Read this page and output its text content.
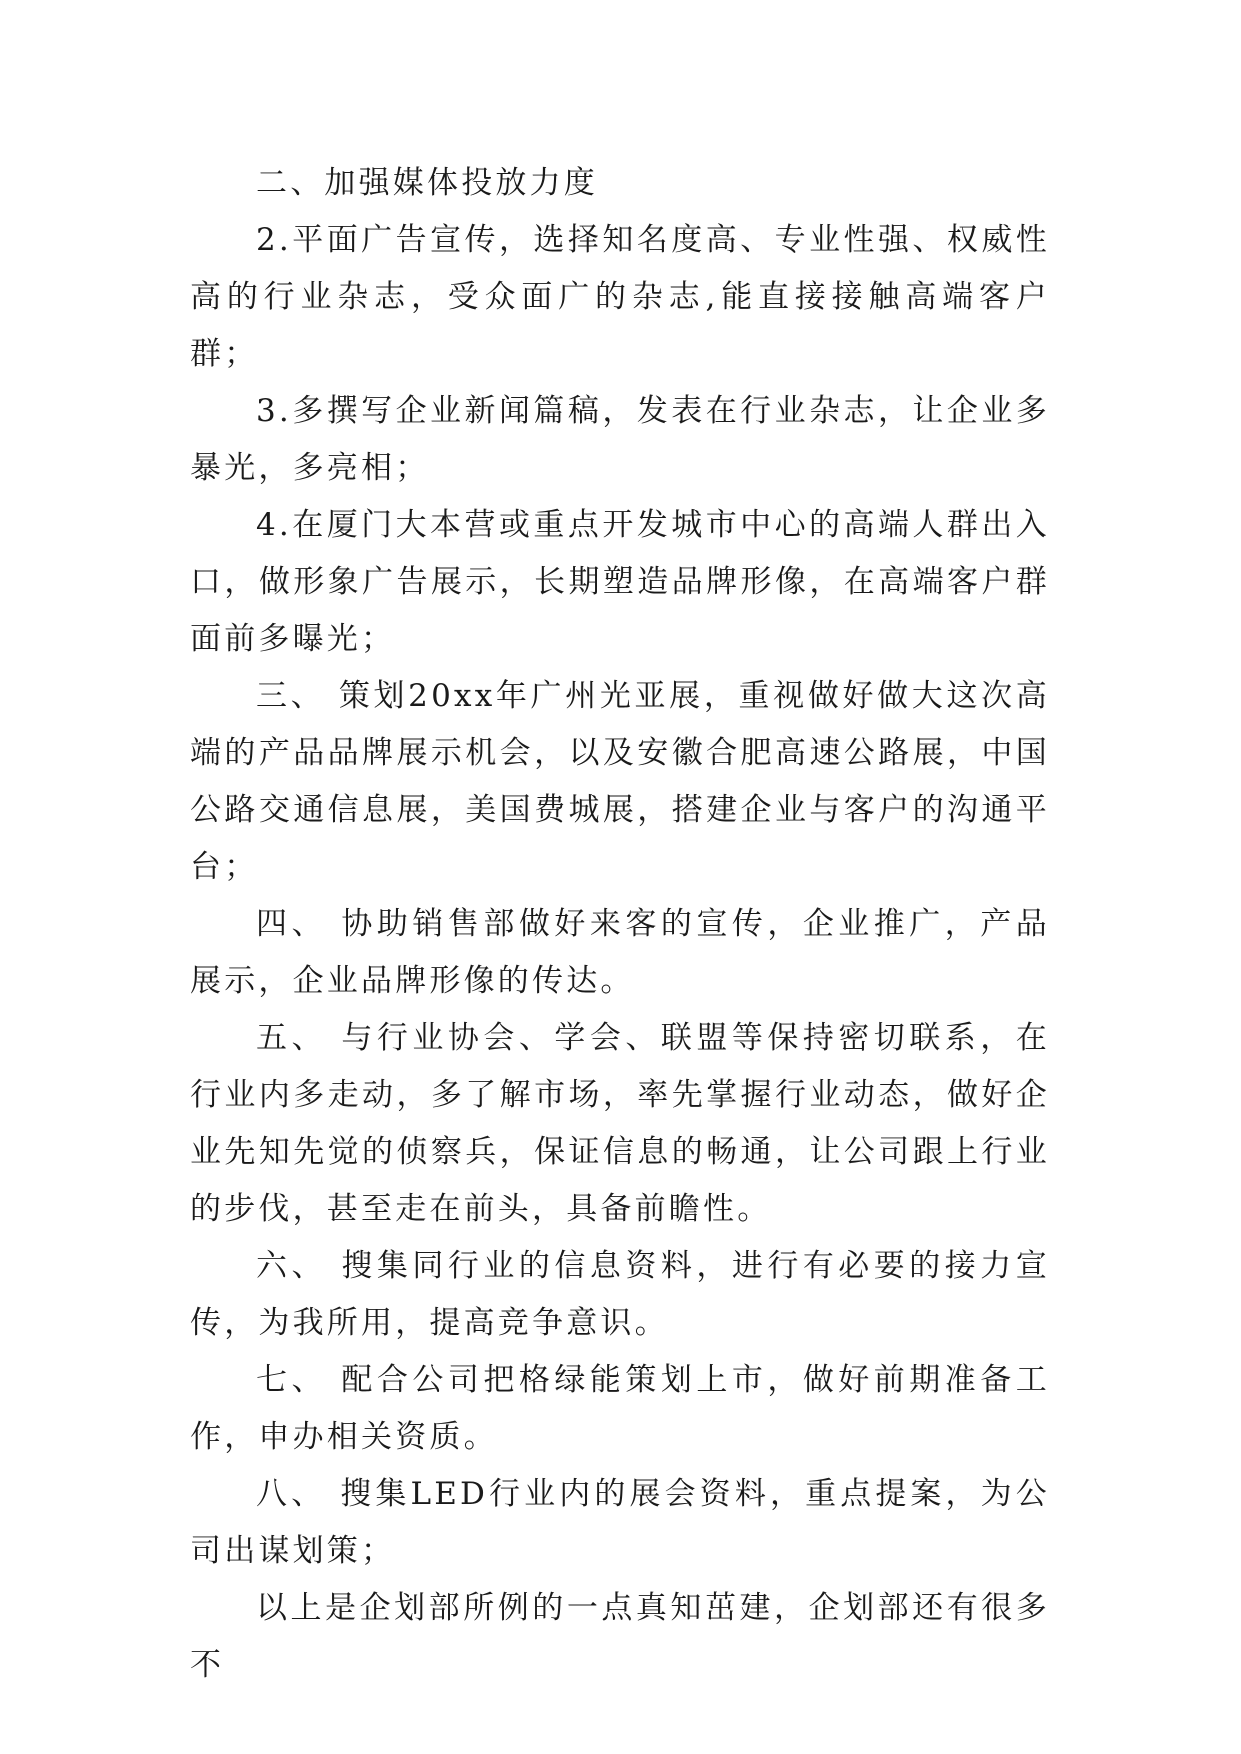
二、加强媒体投放力度

2.平面广告宣传，选择知名度高、专业性强、权威性高的行业杂志，受众面广的杂志,能直接接触高端客户群；

3.多撰写企业新闻篇稿，发表在行业杂志，让企业多暴光，多亮相；

4.在厦门大本营或重点开发城市中心的高端人群出入口，做形象广告展示，长期塑造品牌形像，在高端客户群面前多曝光；

三、 策划20xx年广州光亚展，重视做好做大这次高端的产品品牌展示机会，以及安徽合肥高速公路展，中国公路交通信息展，美国费城展，搭建企业与客户的沟通平台；

四、 协助销售部做好来客的宣传，企业推广，产品展示，企业品牌形像的传达。

五、 与行业协会、学会、联盟等保持密切联系，在行业内多走动，多了解市场，率先掌握行业动态，做好企业先知先觉的侦察兵，保证信息的畅通，让公司跟上行业的步伐，甚至走在前头，具备前瞻性。

六、 搜集同行业的信息资料，进行有必要的接力宣传，为我所用，提高竞争意识。

七、 配合公司把格绿能策划上市，做好前期准备工作，申办相关资质。

八、 搜集LED行业内的展会资料，重点提案，为公司出谋划策；

以上是企划部所例的一点真知茁建，企划部还有很多不
